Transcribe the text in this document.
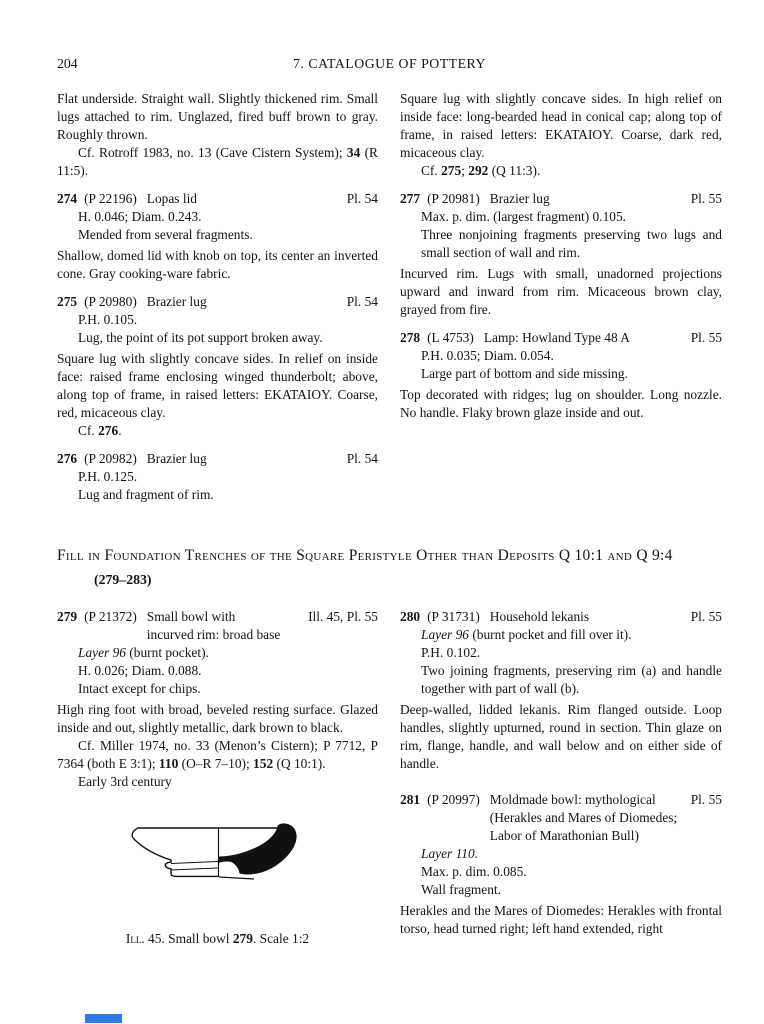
204	7. CATALOGUE OF POTTERY

Flat underside. Straight wall. Slightly thickened rim. Small lugs attached to rim. Unglazed, fired buff brown to gray. Roughly thrown.

Cf. Rotroff 1983, no. 13 (Cave Cistern System); 34 (R 11:5).

274 (P 22196) Lopas lid	Pl. 54
H. 0.046; Diam. 0.243.
Mended from several fragments.

Shallow, domed lid with knob on top, its center an inverted cone. Gray cooking-ware fabric.

275 (P 20980) Brazier lug	Pl. 54
P.H. 0.105.
Lug, the point of its pot support broken away.

Square lug with slightly concave sides. In relief on inside face: raised frame enclosing winged thunderbolt; above, along top of frame, in raised letters: EKATAIOY. Coarse, red, micaceous clay.

Cf. 276.

276 (P 20982) Brazier lug	Pl. 54
P.H. 0.125.
Lug and fragment of rim.

Square lug with slightly concave sides. In high relief on inside face: long-bearded head in conical cap; along top of frame, in raised letters: EKATAIOY. Coarse, dark red, micaceous clay.

Cf. 275; 292 (Q 11:3).

277 (P 20981) Brazier lug	Pl. 55
Max. p. dim. (largest fragment) 0.105.
Three nonjoining fragments preserving two lugs and small section of wall and rim.

Incurved rim. Lugs with small, unadorned projections upward and inward from rim. Micaceous brown clay, grayed from fire.

278 (L 4753) Lamp: Howland Type 48 A	Pl. 55
P.H. 0.035; Diam. 0.054.
Large part of bottom and side missing.

Top decorated with ridges; lug on shoulder. Long nozzle. No handle. Flaky brown glaze inside and out.

Fill in Foundation Trenches of the Square Peristyle Other than Deposits Q 10:1 and Q 9:4
(279–283)
279 (P 21372) Small bowl with
incurved rim: broad base
Ill. 45, Pl. 55
Layer 96 (burnt pocket).
H. 0.026; Diam. 0.088.
Intact except for chips.

High ring foot with broad, beveled resting surface. Glazed inside and out, slightly metallic, dark brown to black.

Cf. Miller 1974, no. 33 (Menon’s Cistern); P 7712, P 7364 (both E 3:1); 110 (O–R 7–10); 152 (Q 10:1).

Early 3rd century
Ill. 45. Small bowl 279. Scale 1:2
280 (P 31731) Household lekanis	Pl. 55
Layer 96 (burnt pocket and fill over it).
P.H. 0.102.
Two joining fragments, preserving rim (a) and handle together with part of wall (b).

Deep-walled, lidded lekanis. Rim flanged outside. Loop handles, slightly upturned, round in section. Thin glaze on rim, flange, handle, and wall below and on either side of handle.

281 (P 20997) Moldmade bowl: mythological
(Herakles and Mares of Diomedes;
Labor of Marathonian Bull)
Pl. 55
Layer 110.
Max. p. dim. 0.085.
Wall fragment.

Herakles and the Mares of Diomedes: Herakles with frontal torso, head turned right; left hand extended, right
